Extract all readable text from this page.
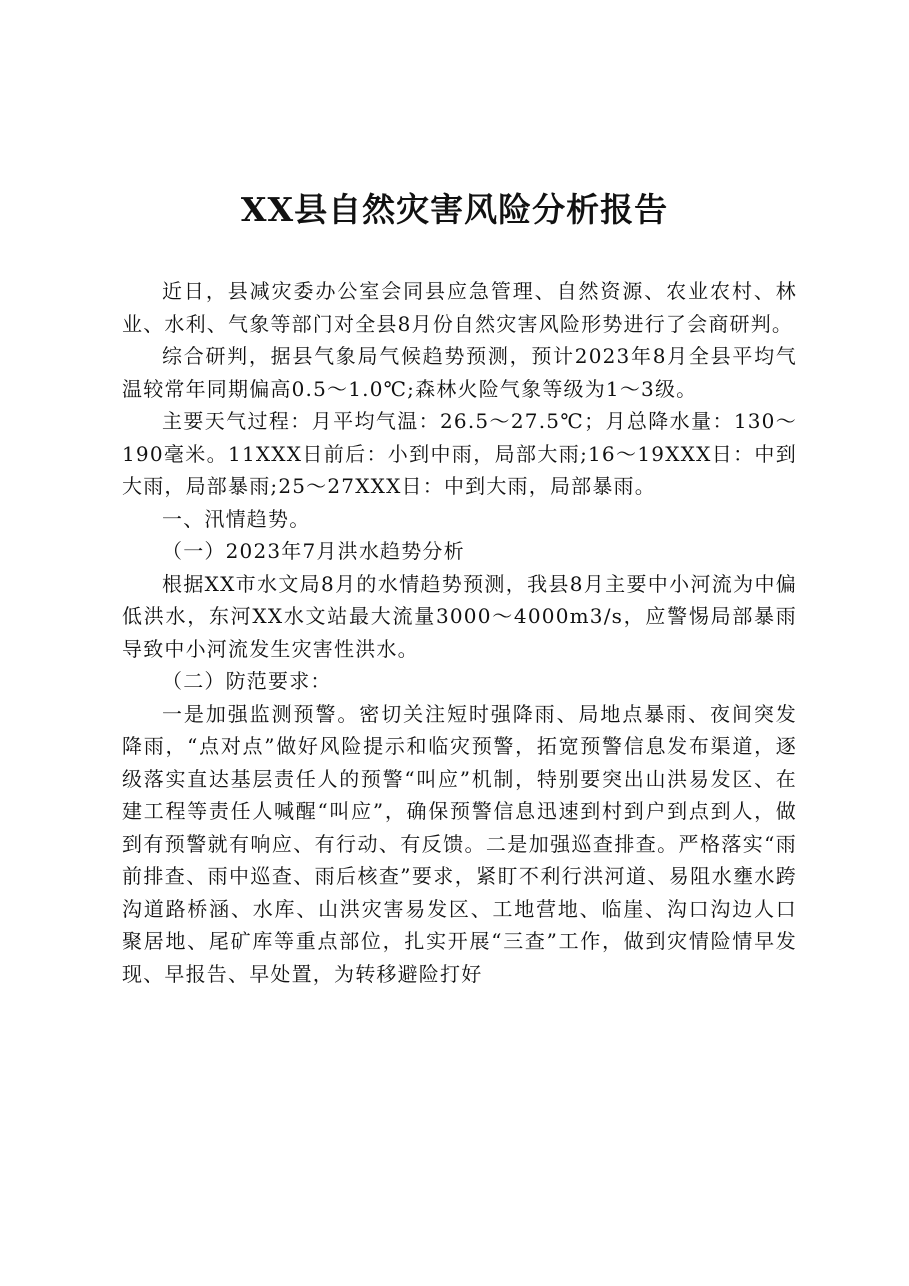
XX县自然灾害风险分析报告

近日，县减灾委办公室会同县应急管理、自然资源、农业农村、林业、水利、气象等部门对全县8月份自然灾害风险形势进行了会商研判。

综合研判，据县气象局气候趋势预测，预计2023年8月全县平均气温较常年同期偏高0.5～1.0℃;森林火险气象等级为1～3级。

主要天气过程：月平均气温：26.5～27.5℃；月总降水量：130～190毫米。11XXX日前后：小到中雨，局部大雨;16～19XXX日：中到大雨，局部暴雨;25～27XXX日：中到大雨，局部暴雨。

一、汛情趋势。

（一）2023年7月洪水趋势分析

根据XX市水文局8月的水情趋势预测，我县8月主要中小河流为中偏低洪水，东河XX水文站最大流量3000～4000m3/s，应警惕局部暴雨导致中小河流发生灾害性洪水。

（二）防范要求：

一是加强监测预警。密切关注短时强降雨、局地点暴雨、夜间突发降雨，“点对点”做好风险提示和临灾预警，拓宽预警信息发布渠道，逐级落实直达基层责任人的预警“叫应”机制，特别要突出山洪易发区、在建工程等责任人喊醒“叫应”，确保预警信息迅速到村到户到点到人，做到有预警就有响应、有行动、有反馈。二是加强巡查排查。严格落实“雨前排查、雨中巡查、雨后核查”要求，紧盯不利行洪河道、易阻水壅水跨沟道路桥涵、水库、山洪灾害易发区、工地营地、临崖、沟口沟边人口聚居地、尾矿库等重点部位，扎实开展“三查”工作，做到灾情险情早发现、早报告、早处置，为转移避险打好
